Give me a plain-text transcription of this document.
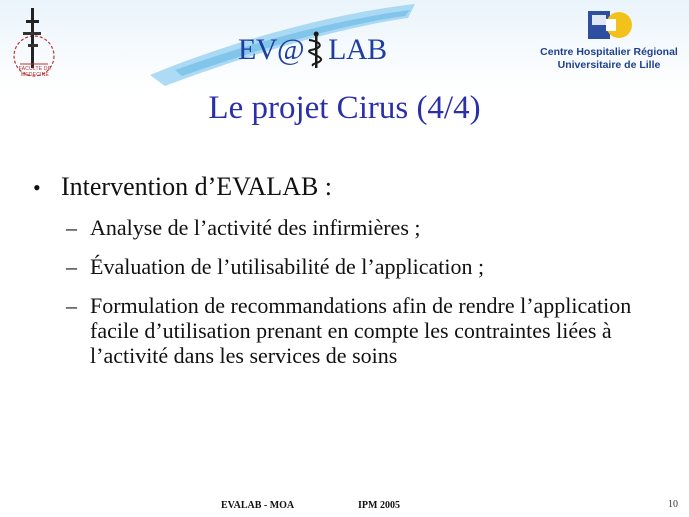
FACULTE DE MEDECINE
EV@ LAB	Centre Hospitalier Régional
Universitaire de Lille
Le projet Cirus (4/4)
• Intervention d’EVALAB :
– Analyse de l’activité des infirmières ;
– Évaluation de l’utilisabilité de l’application ;
– Formulation de recommandations afin de rendre l’application facile d’utilisation prenant en compte les contraintes liées à l’activité dans les services de soins
EVALAB - MOA	IPM 2005	10
